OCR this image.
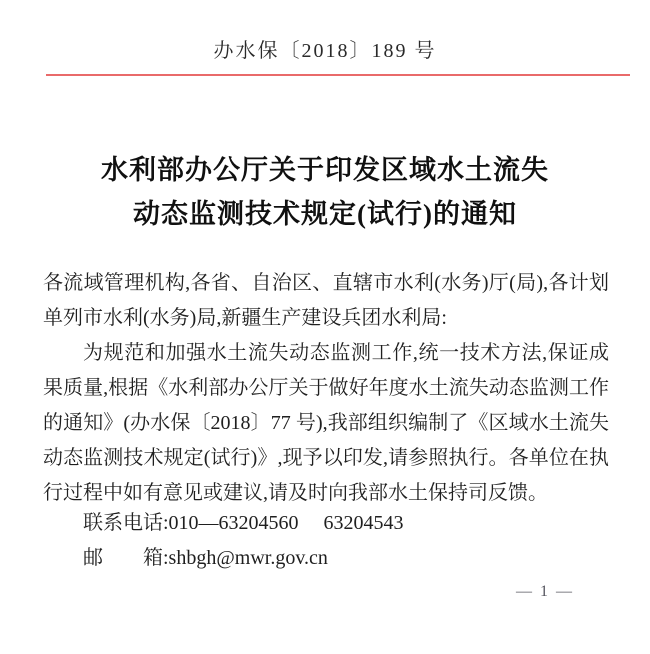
办水保〔2018〕189 号
水利部办公厅关于印发区域水土流失
动态监测技术规定(试行)的通知

各流域管理机构,各省、自治区、直辖市水利(水务)厅(局),各计划单列市水利(水务)局,新疆生产建设兵团水利局:

为规范和加强水土流失动态监测工作,统一技术方法,保证成果质量,根据《水利部办公厅关于做好年度水土流失动态监测工作的通知》(办水保〔2018〕77 号),我部组织编制了《区域水土流失动态监测技术规定(试行)》,现予以印发,请参照执行。各单位在执行过程中如有意见或建议,请及时向我部水土保持司反馈。

联系电话:010—63204560　 63204543
邮　　箱:shbgh@mwr.gov.cn
— 1 —
